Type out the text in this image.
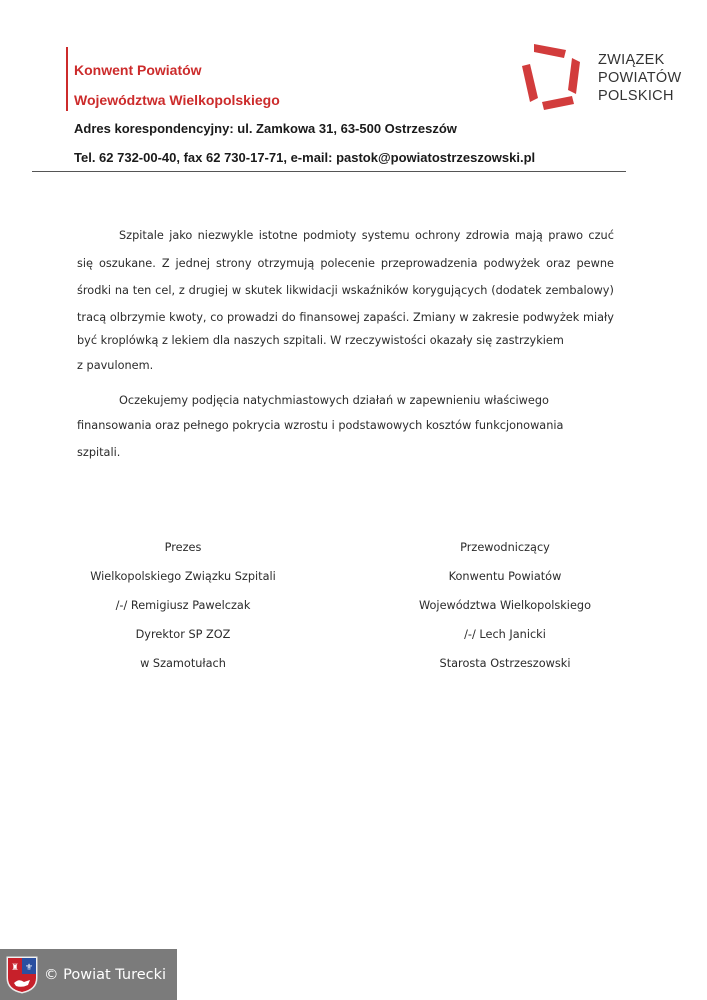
Konwent Powiatów
Województwa Wielkopolskiego
Adres korespondencyjny: ul. Zamkowa 31, 63-500 Ostrzeszów
Tel. 62 732-00-40, fax 62 730-17-71, e-mail: pastok@powiatostrzeszowski.pl
ZWIĄZEK
POWIATÓW
POLSKICH
Szpitale jako niezwykle istotne podmioty systemu ochrony zdrowia mają prawo czuć
się oszukane. Z jednej strony otrzymują polecenie przeprowadzenia podwyżek oraz pewne
środki na ten cel, z drugiej w skutek likwidacji wskaźników korygujących (dodatek zembalowy)
tracą olbrzymie kwoty, co prowadzi do finansowej zapaści. Zmiany w zakresie podwyżek miały
być kroplówką z lekiem dla naszych szpitali. W rzeczywistości okazały się zastrzykiem
z pavulonem.
Oczekujemy podjęcia natychmiastowych działań w zapewnieniu właściwego
finansowania oraz pełnego pokrycia wzrostu i podstawowych kosztów funkcjonowania
szpitali.
Prezes
Wielkopolskiego Związku Szpitali
/-/ Remigiusz Pawelczak
Dyrektor SP ZOZ
w Szamotułach
Przewodniczący
Konwentu Powiatów
Województwa Wielkopolskiego
/-/ Lech Janicki
Starosta Ostrzeszowski
♜ ⚜ © Powiat Turecki
